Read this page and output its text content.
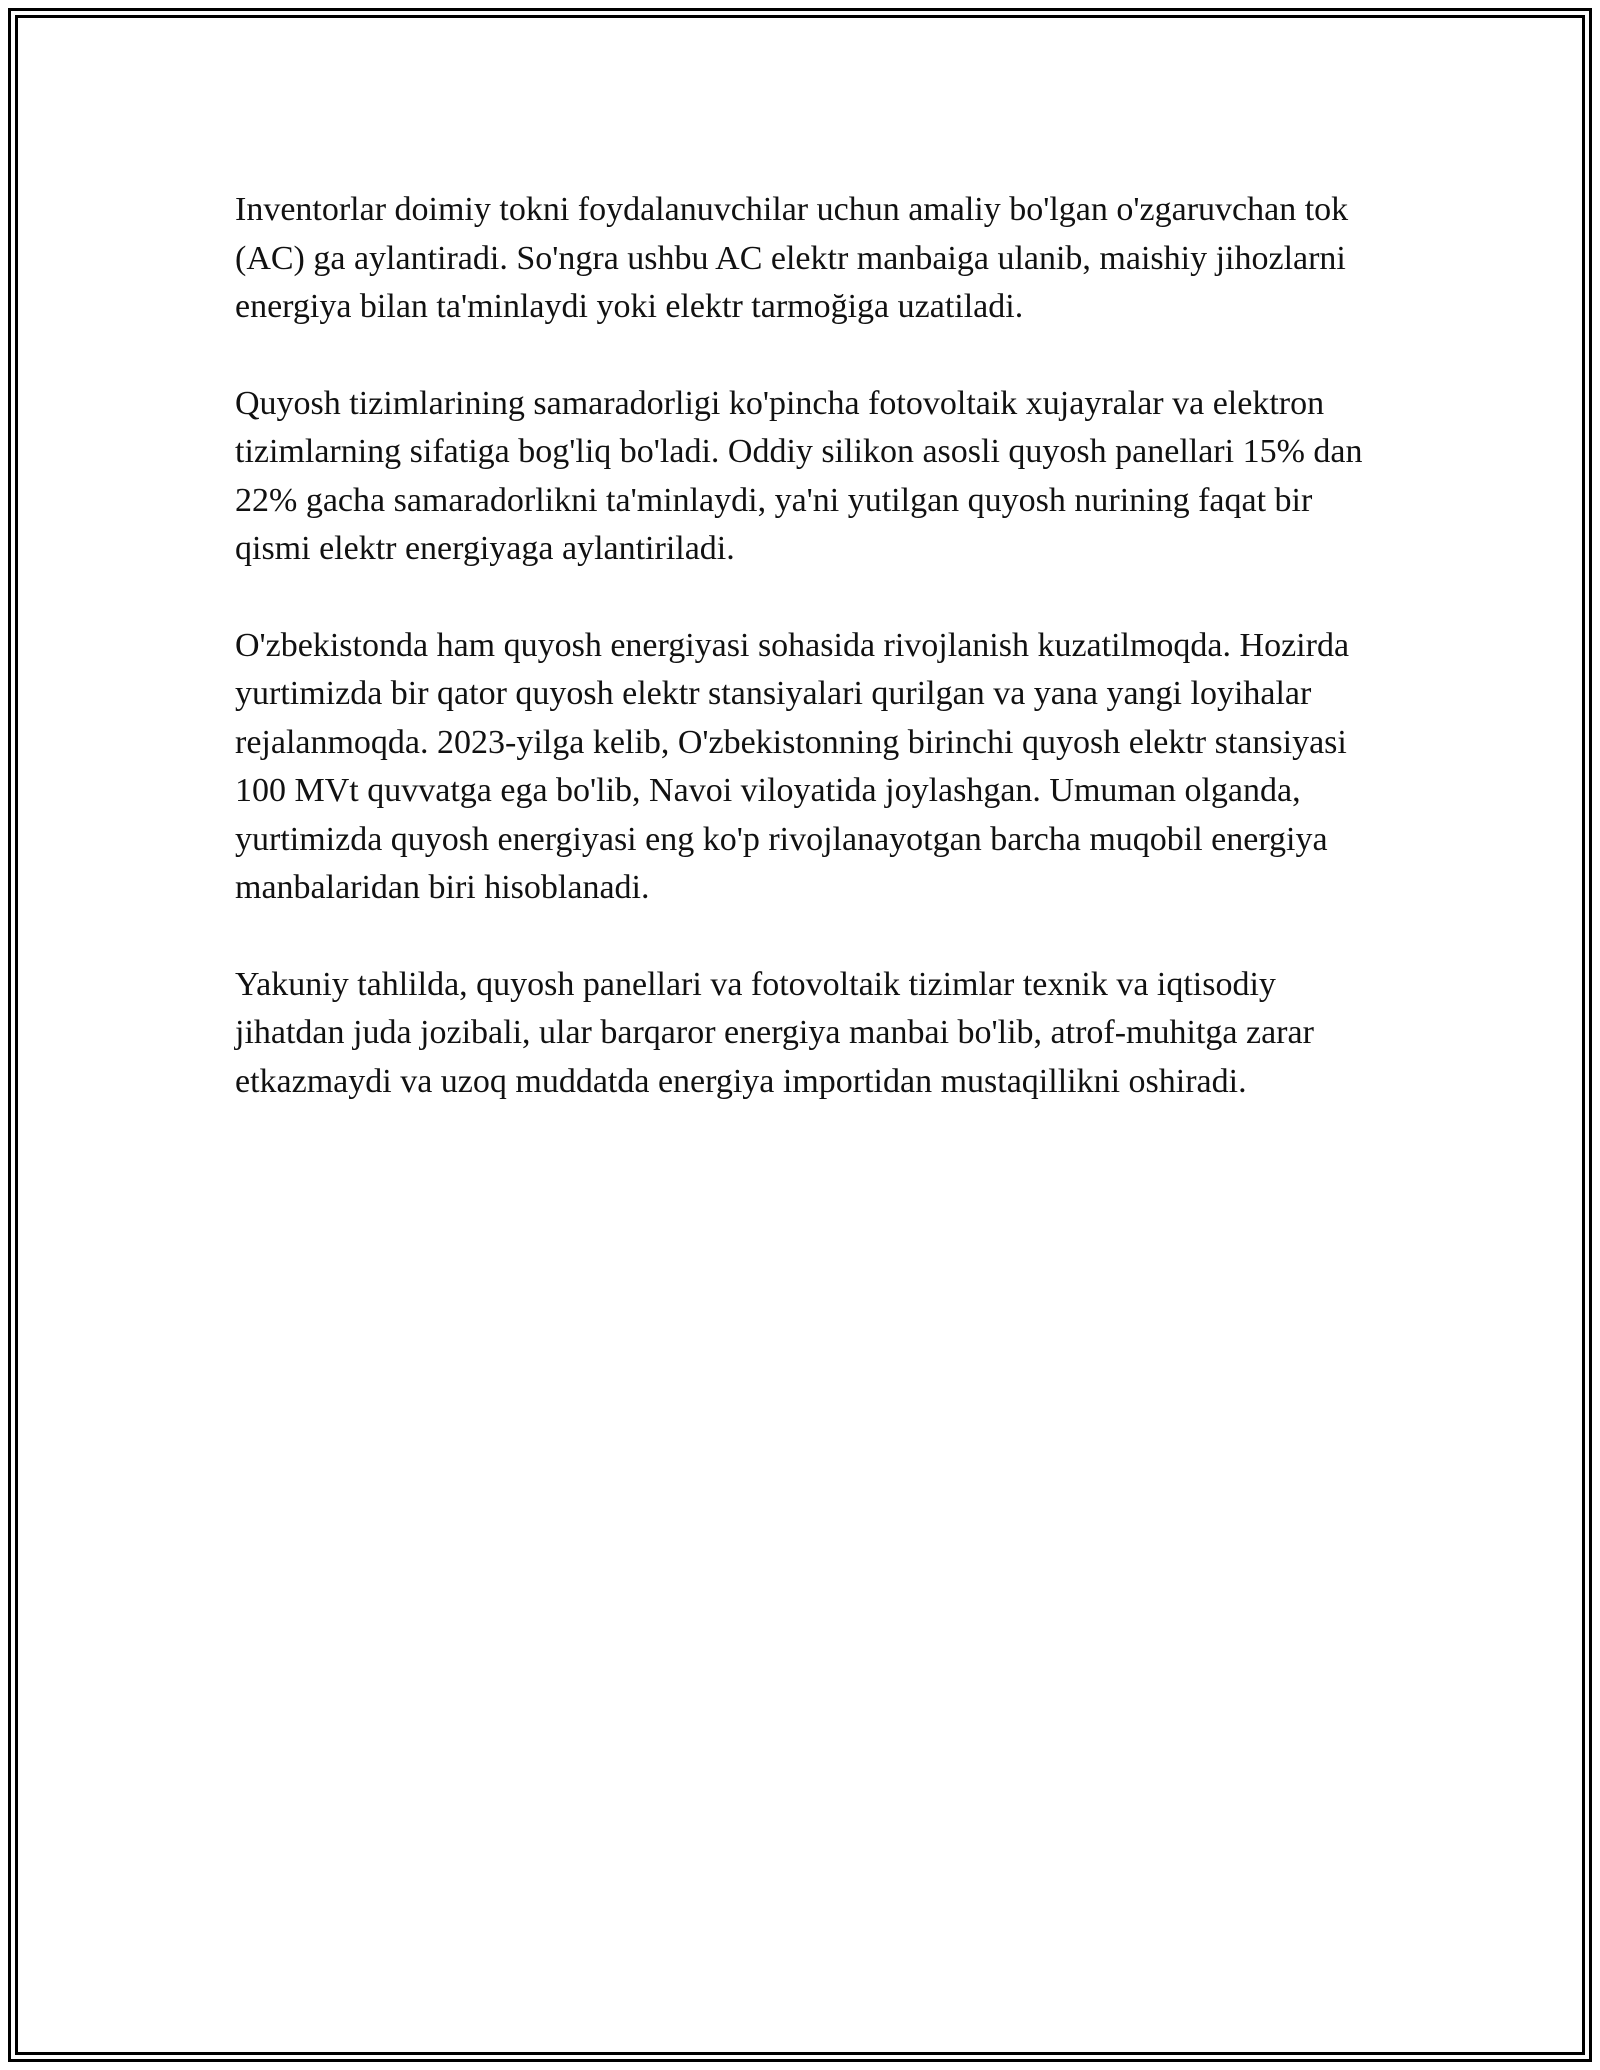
Inventorlar doimiy tokni foydalanuvchilar uchun amaliy bo'lgan o'zgaruvchan tok (AC) ga aylantiradi. So'ngra ushbu AC elektr manbaiga ulanib, maishiy jihozlarni energiya bilan ta'minlaydi yoki elektr tarmoğiga uzatiladi.

Quyosh tizimlarining samaradorligi ko'pincha fotovoltaik xujayralar va elektron tizimlarning sifatiga bog'liq bo'ladi. Oddiy silikon asosli quyosh panellari 15% dan 22% gacha samaradorlikni ta'minlaydi, ya'ni yutilgan quyosh nurining faqat bir qismi elektr energiyaga aylantiriladi.

O'zbekistonda ham quyosh energiyasi sohasida rivojlanish kuzatilmoqda. Hozirda yurtimizda bir qator quyosh elektr stansiyalari qurilgan va yana yangi loyihalar rejalanmoqda. 2023-yilga kelib, O'zbekistonning birinchi quyosh elektr stansiyasi 100 MVt quvvatga ega bo'lib, Navoi viloyatida joylashgan. Umuman olganda, yurtimizda quyosh energiyasi eng ko'p rivojlanayotgan barcha muqobil energiya manbalaridan biri hisoblanadi.

Yakuniy tahlilda, quyosh panellari va fotovoltaik tizimlar texnik va iqtisodiy jihatdan juda jozibali, ular barqaror energiya manbai bo'lib, atrof-muhitga zarar etkazmaydi va uzoq muddatda energiya importidan mustaqillikni oshiradi.
